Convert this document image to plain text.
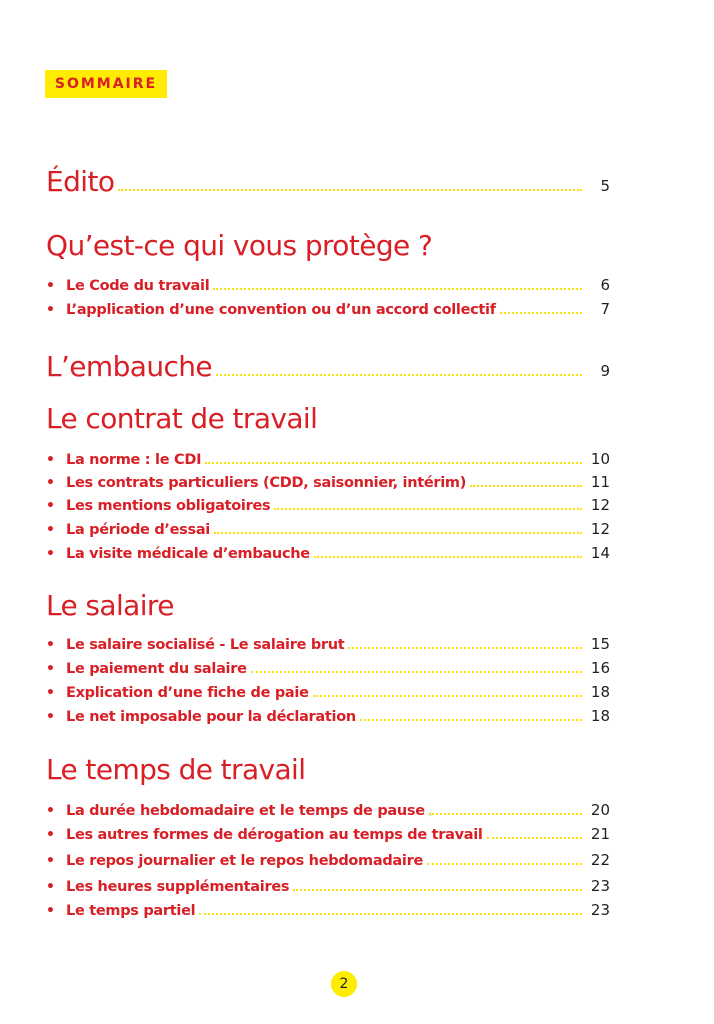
SOMMAIRE
Édito	5
Qu’est-ce qui vous protège ?
• Le Code du travail	6
• L’application d’une convention ou d’un accord collectif	7
L’embauche	9
Le contrat de travail
• La norme : le CDI	10
• Les contrats particuliers (CDD, saisonnier, intérim)	11
• Les mentions obligatoires	12
• La période d’essai	12
• La visite médicale d’embauche	14
Le salaire
• Le salaire socialisé - Le salaire brut	15
• Le paiement du salaire	16
• Explication d’une fiche de paie	18
• Le net imposable pour la déclaration	18
Le temps de travail
• La durée hebdomadaire et le temps de pause	20
• Les autres formes de dérogation au temps de travail	21
• Le repos journalier et le repos hebdomadaire	22
• Les heures supplémentaires	23
• Le temps partiel	23
2
